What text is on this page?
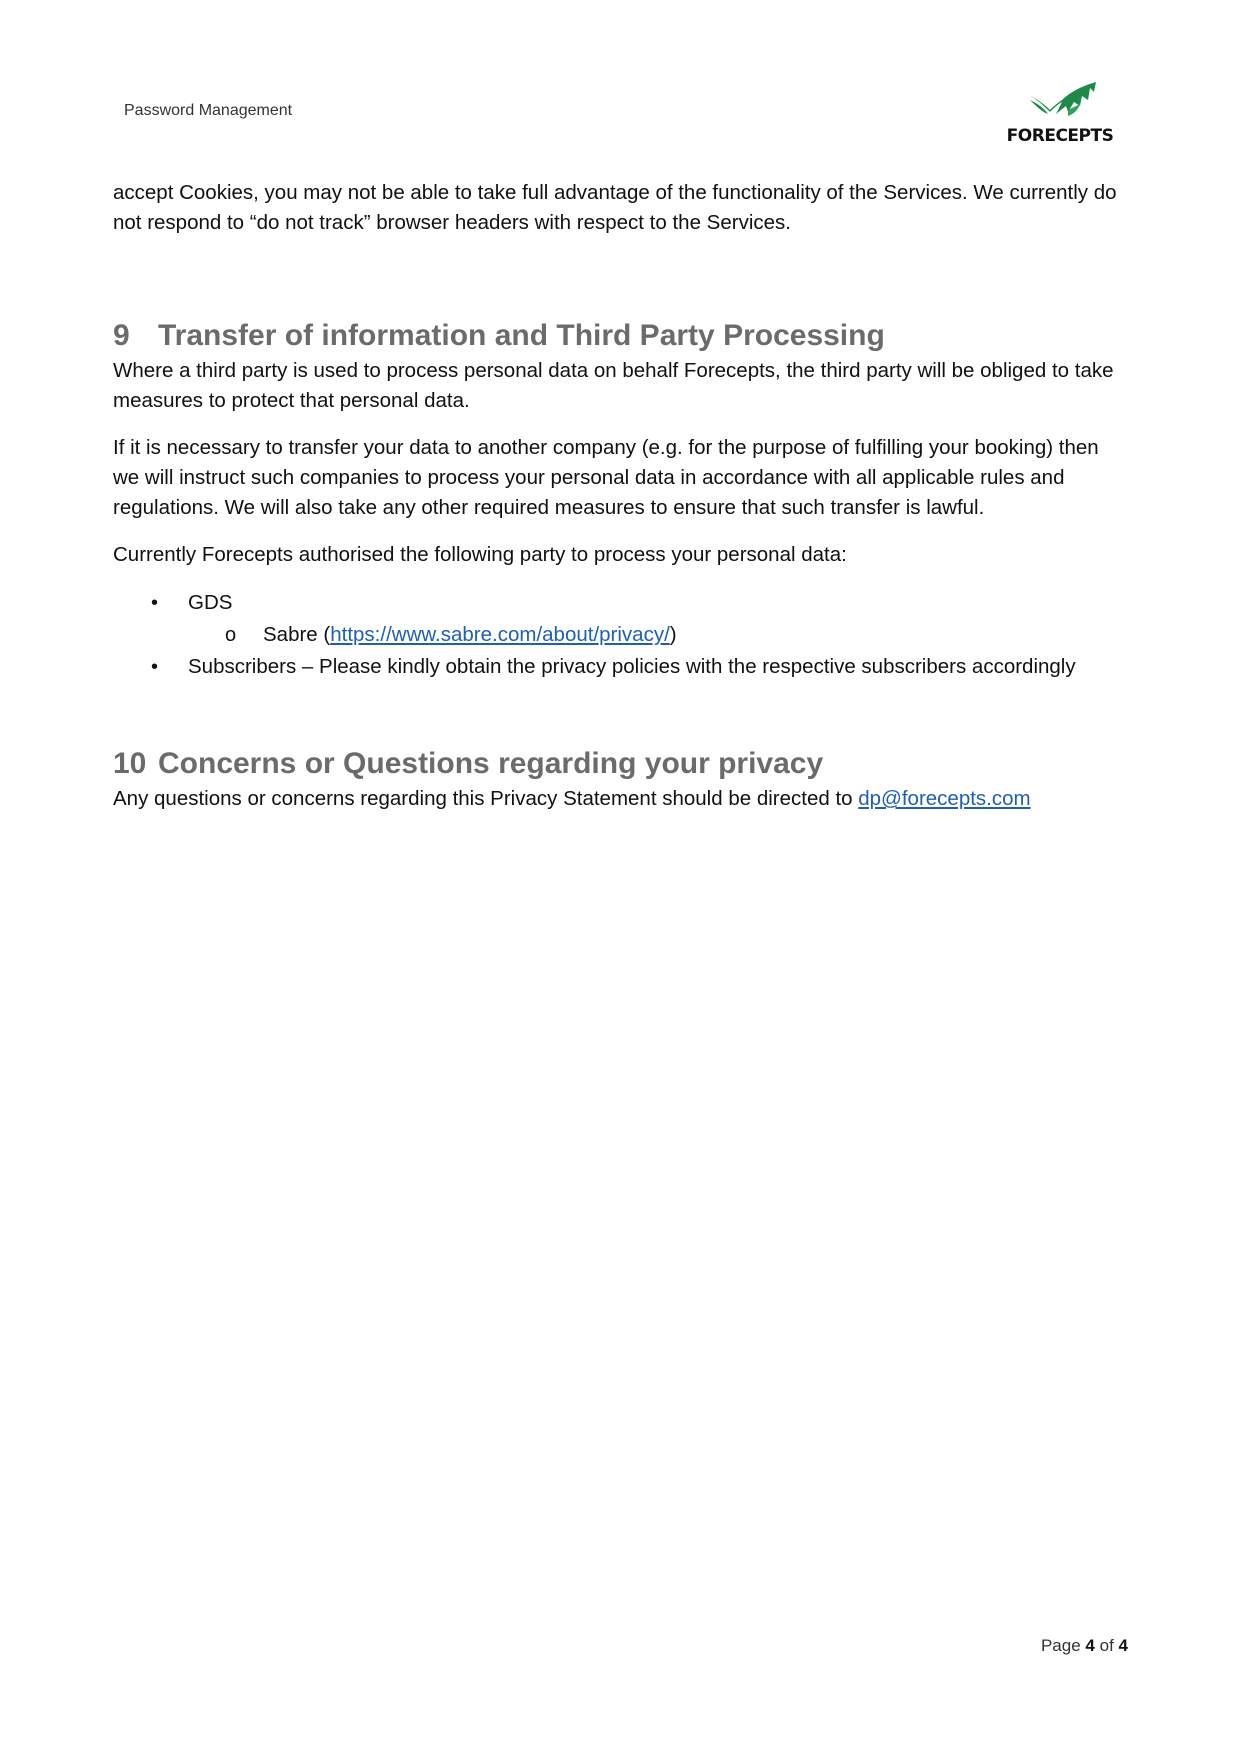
Password Management
FORECEPTS

accept Cookies, you may not be able to take full advantage of the functionality of the Services. We currently do not respond to “do not track” browser headers with respect to the Services.

9 Transfer of information and Third Party Processing

Where a third party is used to process personal data on behalf Forecepts, the third party will be obliged to take measures to protect that personal data.

If it is necessary to transfer your data to another company (e.g. for the purpose of fulfilling your booking) then we will instruct such companies to process your personal data in accordance with all applicable rules and regulations. We will also take any other required measures to ensure that such transfer is lawful.

Currently Forecepts authorised the following party to process your personal data:

• GDS
o Sabre (https://www.sabre.com/about/privacy/)
• Subscribers – Please kindly obtain the privacy policies with the respective subscribers accordingly
10 Concerns or Questions regarding your privacy

Any questions or concerns regarding this Privacy Statement should be directed to dp@forecepts.com

Page 4 of 4
